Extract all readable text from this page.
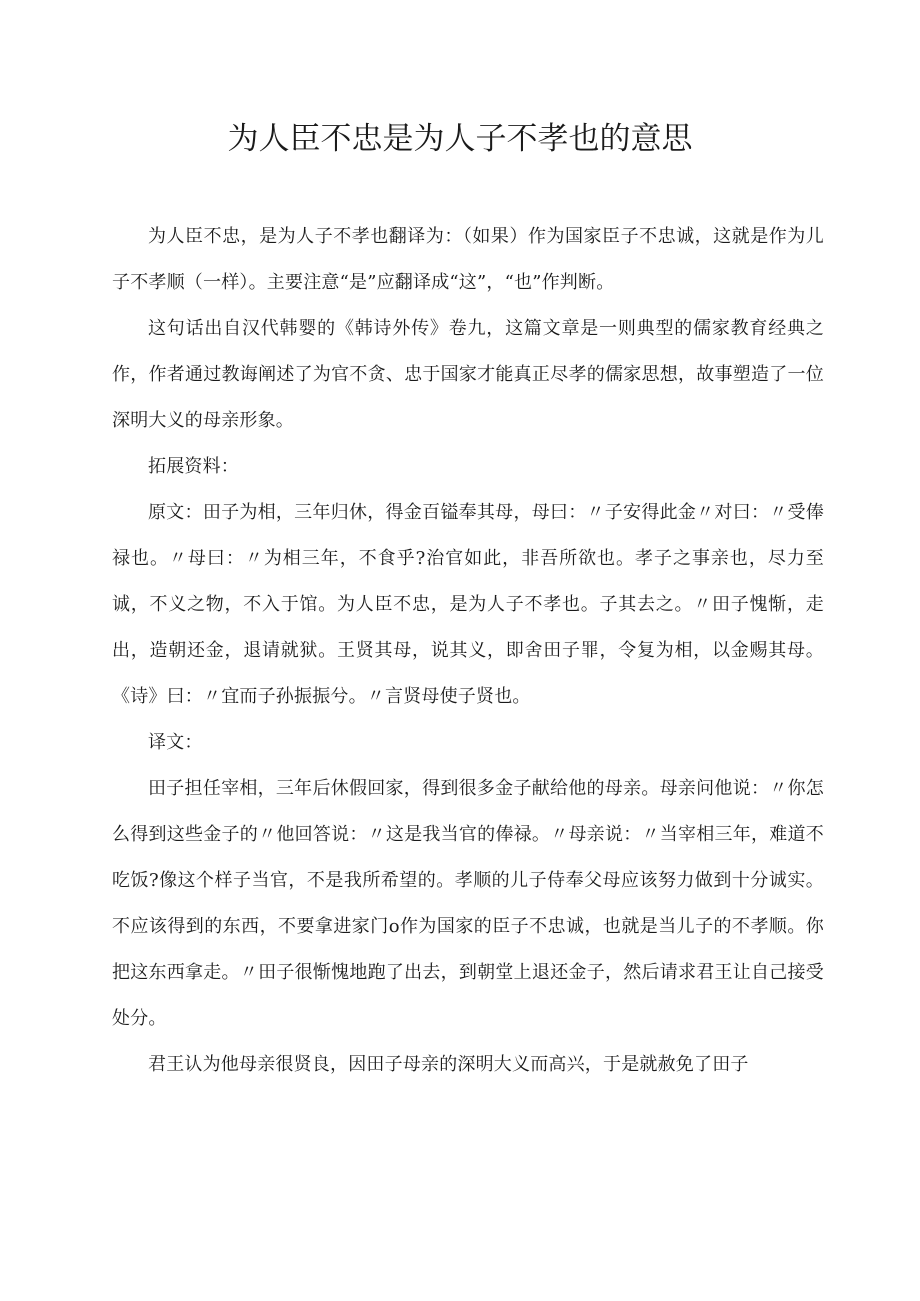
为人臣不忠是为人子不孝也的意思

为人臣不忠，是为人子不孝也翻译为：（如果）作为国家臣子不忠诚，这就是作为儿子不孝顺（一样）。主要注意“是”应翻译成“这”，“也”作判断。

这句话出自汉代韩婴的《韩诗外传》卷九，这篇文章是一则典型的儒家教育经典之作，作者通过教诲阐述了为官不贪、忠于国家才能真正尽孝的儒家思想，故事塑造了一位深明大义的母亲形象。

拓展资料：

原文：田子为相，三年归休，得金百镒奉其母，母曰：〃子安得此金〃对曰：〃受俸禄也。〃母曰：〃为相三年，不食乎?治官如此，非吾所欲也。孝子之事亲也，尽力至诚，不义之物，不入于馆。为人臣不忠，是为人子不孝也。子其去之。〃田子愧惭，走出，造朝还金，退请就狱。王贤其母，说其义，即舍田子罪，令复为相，以金赐其母。《诗》曰：〃宜而子孙振振兮。〃言贤母使子贤也。

译文：

田子担任宰相，三年后休假回家，得到很多金子献给他的母亲。母亲问他说：〃你怎么得到这些金子的〃他回答说：〃这是我当官的俸禄。〃母亲说：〃当宰相三年，难道不吃饭?像这个样子当官，不是我所希望的。孝顺的儿子侍奉父母应该努力做到十分诚实。不应该得到的东西，不要拿进家门o作为国家的臣子不忠诚，也就是当儿子的不孝顺。你把这东西拿走。〃田子很惭愧地跑了出去，到朝堂上退还金子，然后请求君王让自己接受处分。

君王认为他母亲很贤良，因田子母亲的深明大义而高兴，于是就赦免了田子
